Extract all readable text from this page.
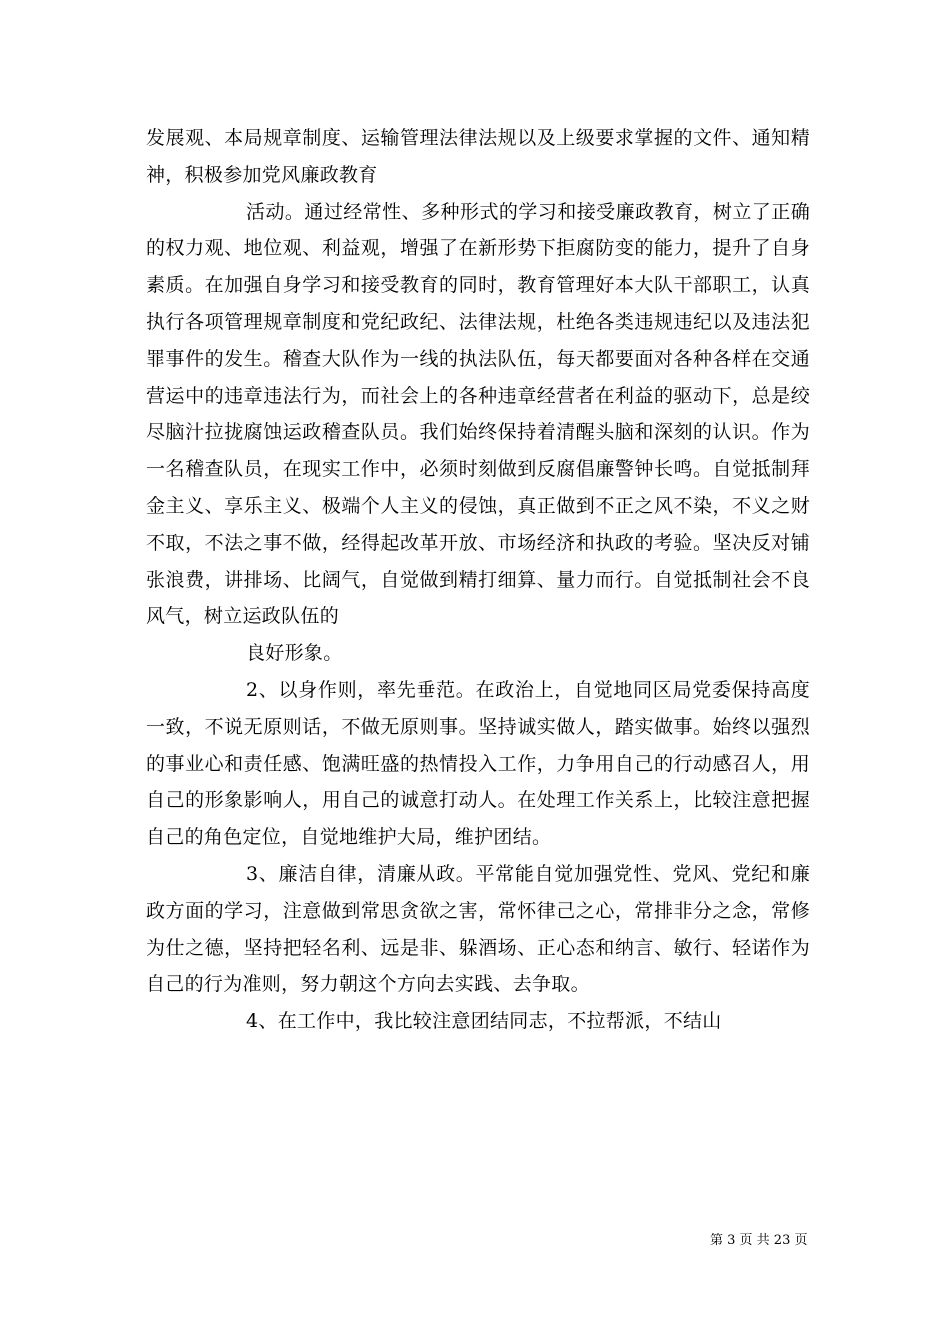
发展观、本局规章制度、运输管理法律法规以及上级要求掌握的文件、通知精神，积极参加党风廉政教育

活动。通过经常性、多种形式的学习和接受廉政教育，树立了正确的权力观、地位观、利益观，增强了在新形势下拒腐防变的能力，提升了自身素质。在加强自身学习和接受教育的同时，教育管理好本大队干部职工，认真执行各项管理规章制度和党纪政纪、法律法规，杜绝各类违规违纪以及违法犯罪事件的发生。稽查大队作为一线的执法队伍，每天都要面对各种各样在交通营运中的违章违法行为，而社会上的各种违章经营者在利益的驱动下，总是绞尽脑汁拉拢腐蚀运政稽查队员。我们始终保持着清醒头脑和深刻的认识。作为一名稽查队员，在现实工作中，必须时刻做到反腐倡廉警钟长鸣。自觉抵制拜金主义、享乐主义、极端个人主义的侵蚀，真正做到不正之风不染，不义之财不取，不法之事不做，经得起改革开放、市场经济和执政的考验。坚决反对铺张浪费，讲排场、比阔气，自觉做到精打细算、量力而行。自觉抵制社会不良风气，树立运政队伍的

良好形象。

2、以身作则，率先垂范。在政治上，自觉地同区局党委保持高度一致，不说无原则话，不做无原则事。坚持诚实做人，踏实做事。始终以强烈的事业心和责任感、饱满旺盛的热情投入工作，力争用自己的行动感召人，用自己的形象影响人，用自己的诚意打动人。在处理工作关系上，比较注意把握自己的角色定位，自觉地维护大局，维护团结。

3、廉洁自律，清廉从政。平常能自觉加强党性、党风、党纪和廉政方面的学习，注意做到常思贪欲之害，常怀律己之心，常排非分之念，常修为仕之德，坚持把轻名利、远是非、躲酒场、正心态和纳言、敏行、轻诺作为自己的行为准则，努力朝这个方向去实践、去争取。

4、在工作中，我比较注意团结同志，不拉帮派，不结山

第 3 页 共 23 页
